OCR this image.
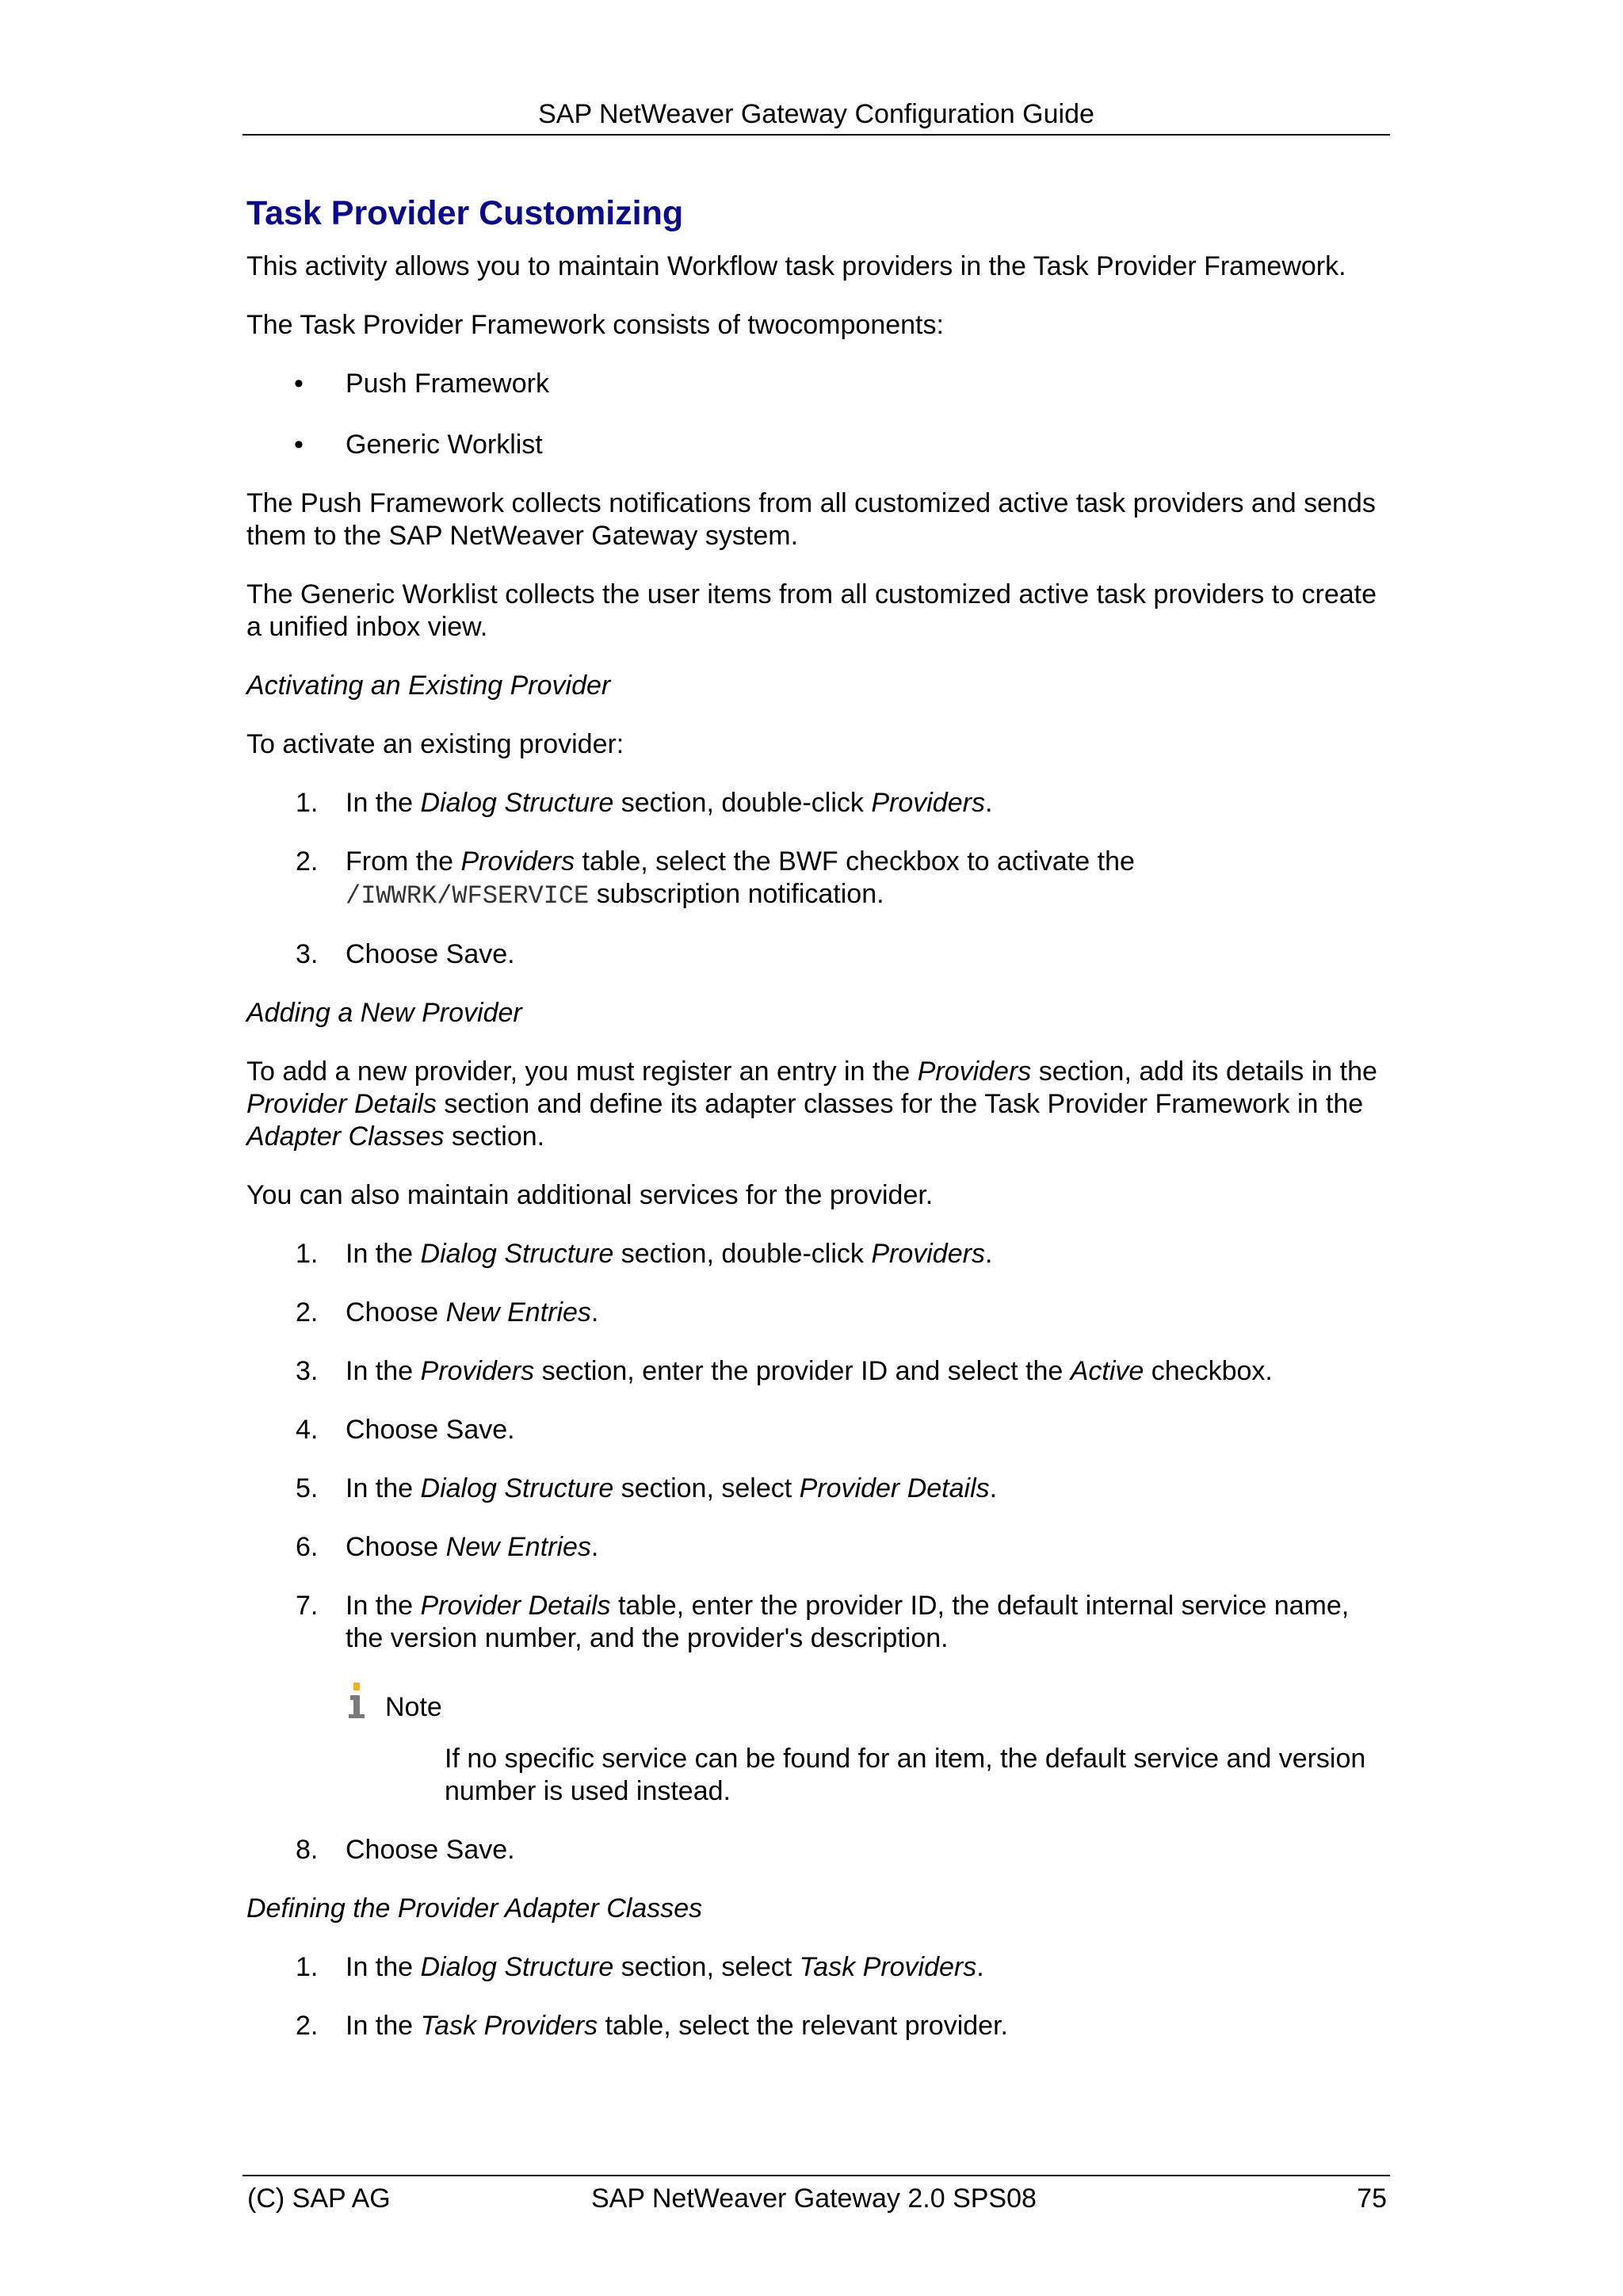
SAP NetWeaver Gateway Configuration Guide
Task Provider Customizing

This activity allows you to maintain Workflow task providers in the Task Provider Framework.

The Task Provider Framework consists of twocomponents:

• Push Framework
• Generic Worklist

The Push Framework collects notifications from all customized active task providers and sends them to the SAP NetWeaver Gateway system.

The Generic Worklist collects the user items from all customized active task providers to create a unified inbox view.

Activating an Existing Provider

To activate an existing provider:

1. In the Dialog Structure section, double-click Providers.
2. From the Providers table, select the BWF checkbox to activate the
/IWWRK/WFSERVICE subscription notification.
3. Choose Save.

Adding a New Provider

To add a new provider, you must register an entry in the Providers section, add its details in the Provider Details section and define its adapter classes for the Task Provider Framework in the Adapter Classes section.

You can also maintain additional services for the provider.

1. In the Dialog Structure section, double-click Providers.
2. Choose New Entries.
3. In the Providers section, enter the provider ID and select the Active checkbox.
4. Choose Save.
5. In the Dialog Structure section, select Provider Details.
6. Choose New Entries.
7. In the Provider Details table, enter the provider ID, the default internal service name, the version number, and the provider's description.
Note

If no specific service can be found for an item, the default service and version number is used instead.

8. Choose Save.

Defining the Provider Adapter Classes

1. In the Dialog Structure section, select Task Providers.
2. In the Task Providers table, select the relevant provider.
(C) SAP AG	SAP NetWeaver Gateway 2.0 SPS08	75
